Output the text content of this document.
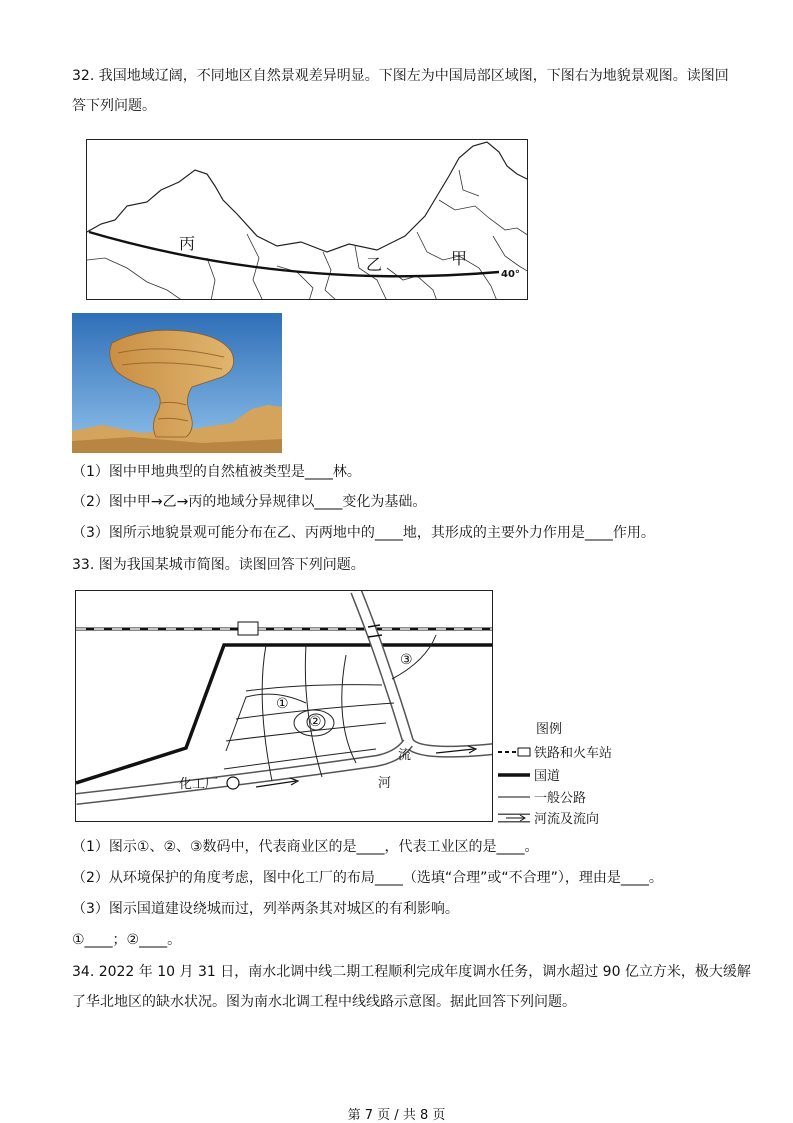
32. 我国地域辽阔，不同地区自然景观差异明显。下图左为中国局部区域图，下图右为地貌景观图。读图回
答下列问题。
丙
乙	甲
40°
（1）图中甲地典型的自然植被类型是____林。
（2）图中甲→乙→丙的地域分异规律以____变化为基础。
（3）图所示地貌景观可能分布在乙、丙两地中的____地，其形成的主要外力作用是____作用。
33. 图为我国某城市简图。读图回答下列问题。
①
②
③
化工厂
流
河
图例
铁路和火车站
国道
一般公路
河流及流向
（1）图示①、②、③数码中，代表商业区的是____，代表工业区的是____。
（2）从环境保护的角度考虑，图中化工厂的布局____（选填“合理”或“不合理”），理由是____。
（3）图示国道建设绕城而过，列举两条其对城区的有利影响。
①____；②____。
34. 2022 年 10 月 31 日，南水北调中线二期工程顺利完成年度调水任务，调水超过 90 亿立方米，极大缓解
了华北地区的缺水状况。图为南水北调工程中线线路示意图。据此回答下列问题。
第 7 页 / 共 8 页
